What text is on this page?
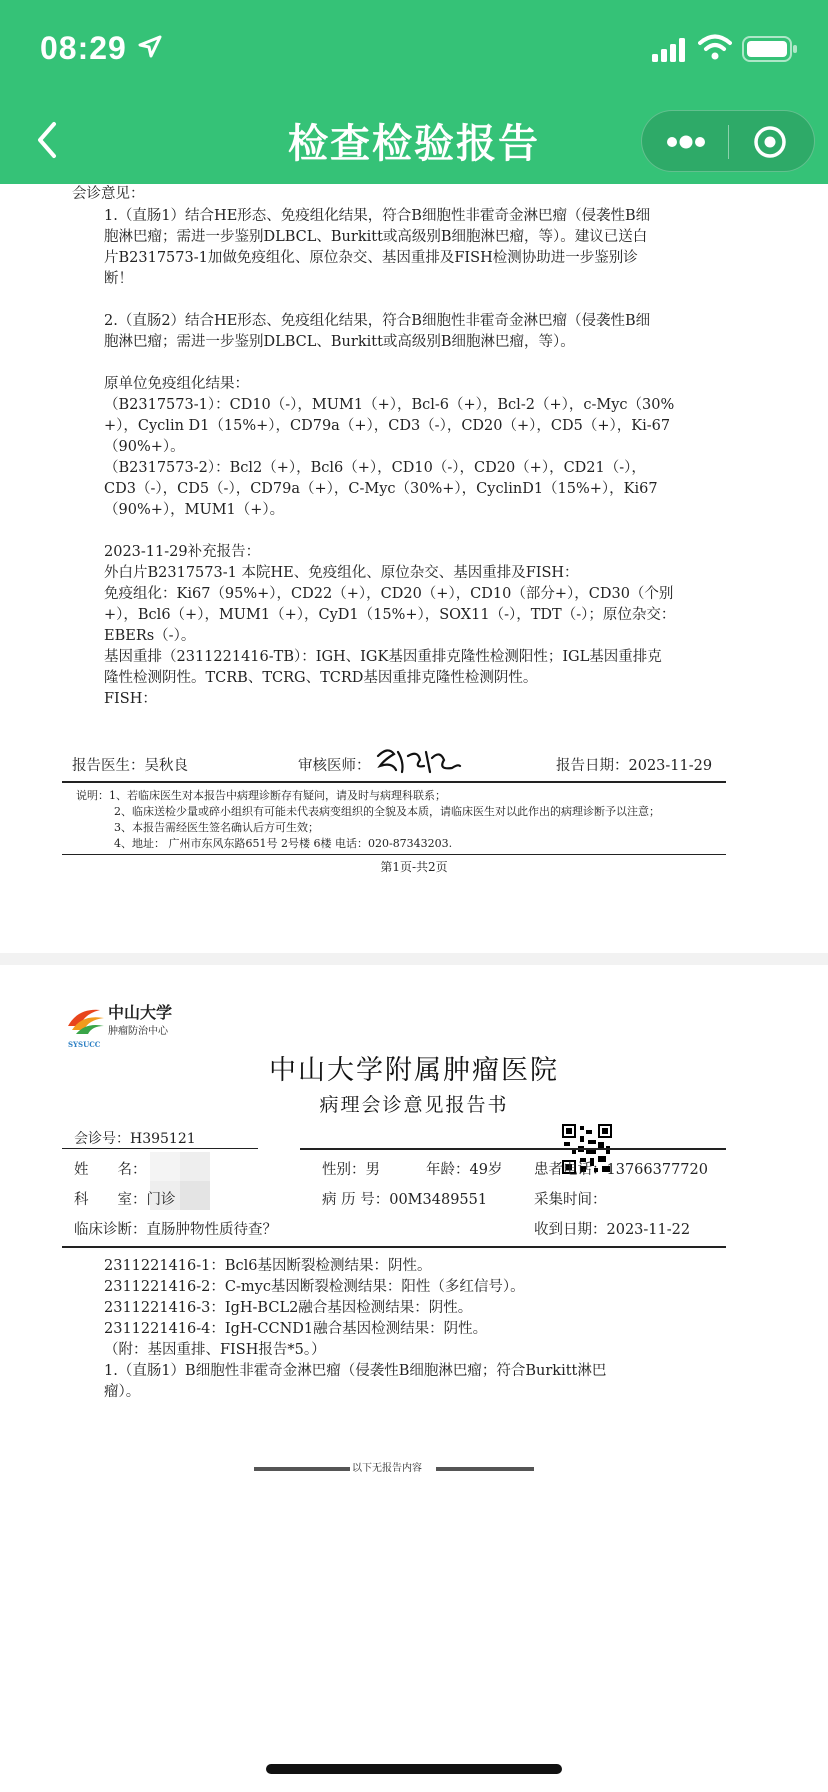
08:29
检查检验报告
会诊意见：
1.（直肠1）结合HE形态、免疫组化结果，符合B细胞性非霍奇金淋巴瘤（侵袭性B细
胞淋巴瘤；需进一步鉴别DLBCL、Burkitt或高级别B细胞淋巴瘤，等）。建议已送白
片B2317573-1加做免疫组化、原位杂交、基因重排及FISH检测协助进一步鉴别诊
断！
2.（直肠2）结合HE形态、免疫组化结果，符合B细胞性非霍奇金淋巴瘤（侵袭性B细
胞淋巴瘤；需进一步鉴别DLBCL、Burkitt或高级别B细胞淋巴瘤，等）。
原单位免疫组化结果：
（B2317573-1）：CD10（-），MUM1（+），Bcl-6（+），Bcl-2（+），c-Myc（30%
+），Cyclin D1（15%+），CD79a（+），CD3（-），CD20（+），CD5（+），Ki-67
（90%+）。
（B2317573-2）：Bcl2（+），Bcl6（+），CD10（-），CD20（+），CD21（-），
CD3（-），CD5（-），CD79a（+），C-Myc（30%+），CyclinD1（15%+），Ki67
（90%+），MUM1（+）。
2023-11-29补充报告：
外白片B2317573-1 本院HE、免疫组化、原位杂交、基因重排及FISH：
免疫组化：Ki67（95%+），CD22（+），CD20（+），CD10（部分+），CD30（个别
+），Bcl6（+），MUM1（+），CyD1（15%+），SOX11（-），TDT（-）；原位杂交：
EBERs（-）。
基因重排（2311221416-TB）：IGH、IGK基因重排克隆性检测阳性；IGL基因重排克
隆性检测阴性。TCRB、TCRG、TCRD基因重排克隆性检测阴性。
FISH：
报告医生：吴秋良	审核医师：	报告日期：2023-11-29
说明：1、若临床医生对本报告中病理诊断存有疑问，请及时与病理科联系；
2、临床送检少量或碎小组织有可能未代表病变组织的全貌及本质，请临床医生对以此作出的病理诊断予以注意；
3、本报告需经医生签名确认后方可生效；
4、地址： 广州市东风东路651号 2号楼 6楼 电话：020-87343203.
第1页-共2页
中山大学
肿瘤防治中心
SYSUCC
中山大学附属肿瘤医院
病理会诊意见报告书
会诊号：H395121
姓　　名：	性别：男	年龄：49岁 患者电话：13766377720
科　　室：门诊	病 历 号：00M3489551	采集时间：
临床诊断：直肠肿物性质待查？	收到日期：2023-11-22
2311221416-1：Bcl6基因断裂检测结果：阴性。
2311221416-2：C-myc基因断裂检测结果：阳性（多红信号）。
2311221416-3：IgH-BCL2融合基因检测结果：阴性。
2311221416-4：IgH-CCND1融合基因检测结果：阴性。
（附：基因重排、FISH报告*5。）
1.（直肠1）B细胞性非霍奇金淋巴瘤（侵袭性B细胞淋巴瘤；符合Burkitt淋巴
瘤）。
以下无报告内容
